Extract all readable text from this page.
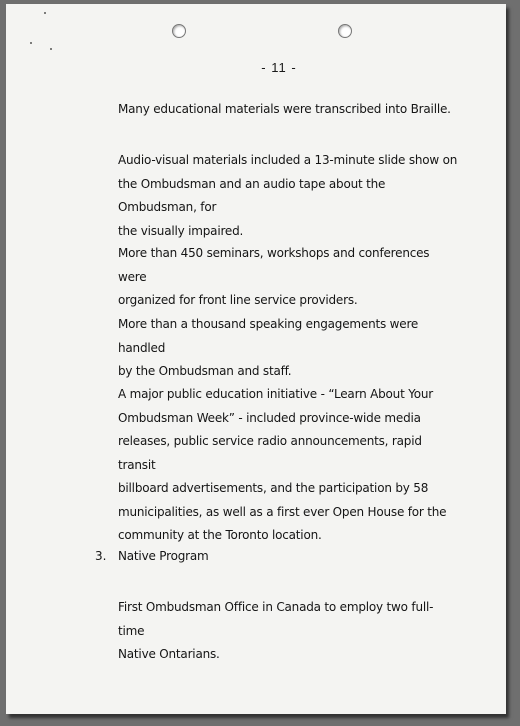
- 11 -
Many educational materials were transcribed into Braille.
Audio-visual materials included a 13-minute slide show on
the Ombudsman and an audio tape about the Ombudsman, for
the visually impaired.
More than 450 seminars, workshops and conferences were
organized for front line service providers.
More than a thousand speaking engagements were handled
by the Ombudsman and staff.
A major public education initiative - “Learn About Your
Ombudsman Week” - included province-wide media
releases, public service radio announcements, rapid transit
billboard advertisements, and the participation by 58
municipalities, as well as a first ever Open House for the
community at the Toronto location.
3. Native Program
First Ombudsman Office in Canada to employ two full-time
Native Ontarians.
